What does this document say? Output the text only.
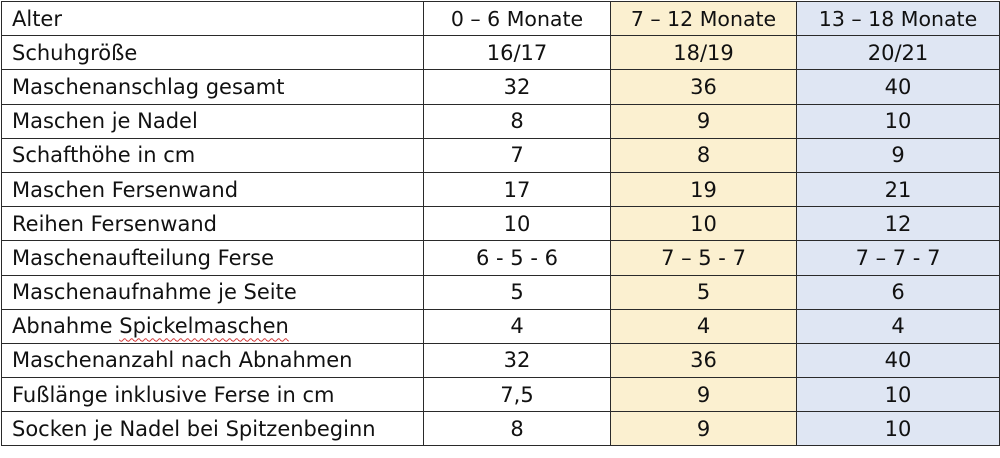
Alter	0 – 6 Monate	7 – 12 Monate	13 – 18 Monate
Schuhgröße	16/17	18/19	20/21
Maschenanschlag gesamt	32	36	40
Maschen je Nadel	8	9	10
Schafthöhe in cm	7	8	9
Maschen Fersenwand	17	19	21
Reihen Fersenwand	10	10	12
Maschenaufteilung Ferse	6 - 5 - 6	7 – 5 - 7	7 – 7 - 7
Maschenaufnahme je Seite	5	5	6
Abnahme Spickelmaschen	4	4	4
Maschenanzahl nach Abnahmen	32	36	40
Fußlänge inklusive Ferse in cm	7,5	9	10
Socken je Nadel bei Spitzenbeginn	8	9	10
